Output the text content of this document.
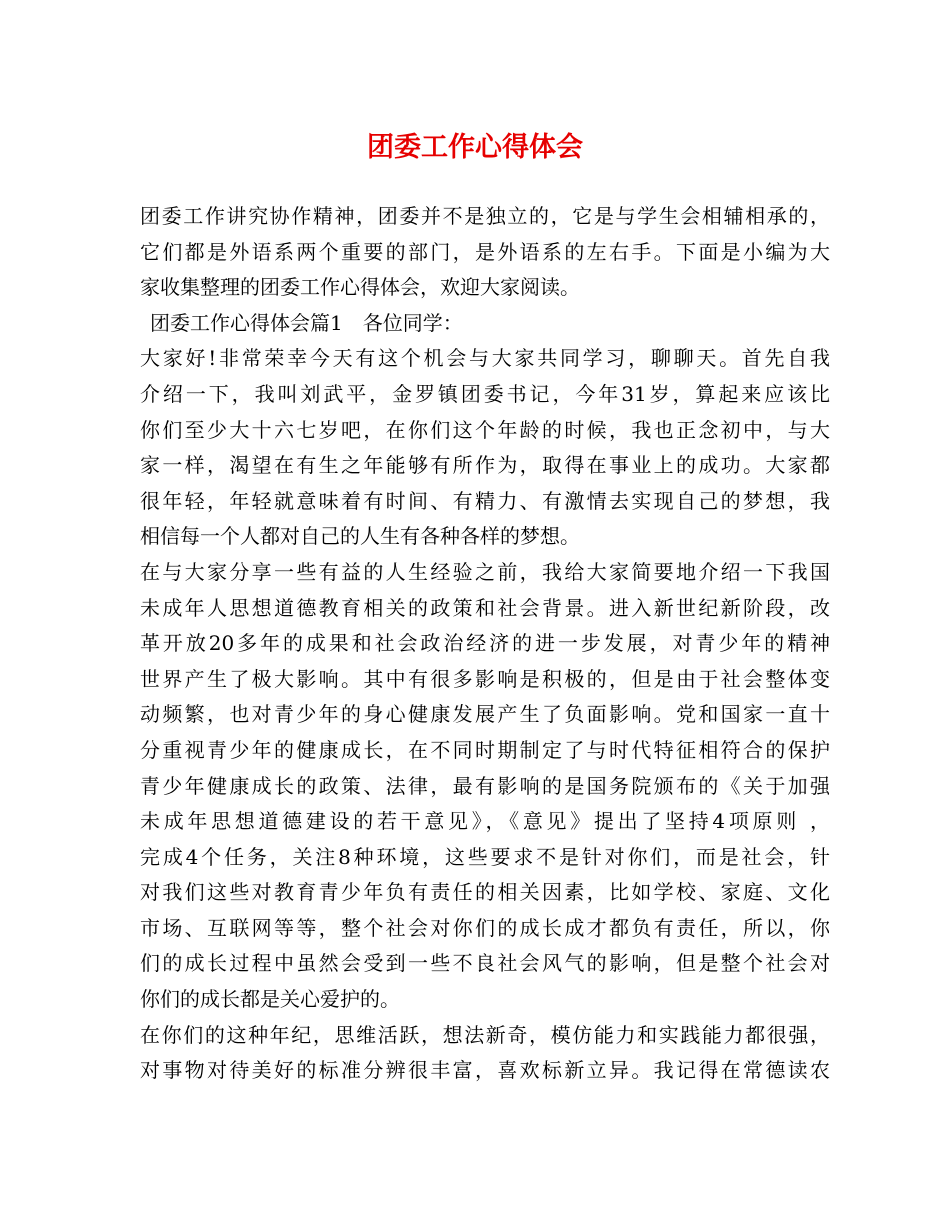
团委工作心得体会
团委工作讲究协作精神，团委并不是独立的，它是与学生会相辅相承的，
它们都是外语系两个重要的部门，是外语系的左右手。下面是小编为大
家收集整理的团委工作心得体会，欢迎大家阅读。
团委工作心得体会篇1　各位同学：
大家好!非常荣幸今天有这个机会与大家共同学习，聊聊天。首先自我
介绍一下，我叫刘武平，金罗镇团委书记，今年31岁，算起来应该比
你们至少大十六七岁吧，在你们这个年龄的时候，我也正念初中，与大
家一样，渴望在有生之年能够有所作为，取得在事业上的成功。大家都
很年轻，年轻就意味着有时间、有精力、有激情去实现自己的梦想，我
相信每一个人都对自己的人生有各种各样的梦想。
在与大家分享一些有益的人生经验之前，我给大家简要地介绍一下我国
未成年人思想道德教育相关的政策和社会背景。进入新世纪新阶段，改
革开放20多年的成果和社会政治经济的进一步发展，对青少年的精神
世界产生了极大影响。其中有很多影响是积极的，但是由于社会整体变
动频繁，也对青少年的身心健康发展产生了负面影响。党和国家一直十
分重视青少年的健康成长，在不同时期制定了与时代特征相符合的保护
青少年健康成长的政策、法律，最有影响的是国务院颁布的《关于加强
未成年思想道德建设的若干意见》，《意见》提出了坚持4项原则 ，
完成4个任务，关注8种环境，这些要求不是针对你们，而是社会，针
对我们这些对教育青少年负有责任的相关因素，比如学校、家庭、文化
市场、互联网等等，整个社会对你们的成长成才都负有责任，所以，你
们的成长过程中虽然会受到一些不良社会风气的影响，但是整个社会对
你们的成长都是关心爱护的。
在你们的这种年纪，思维活跃，想法新奇，模仿能力和实践能力都很强，
对事物对待美好的标准分辨很丰富，喜欢标新立异。我记得在常德读农
